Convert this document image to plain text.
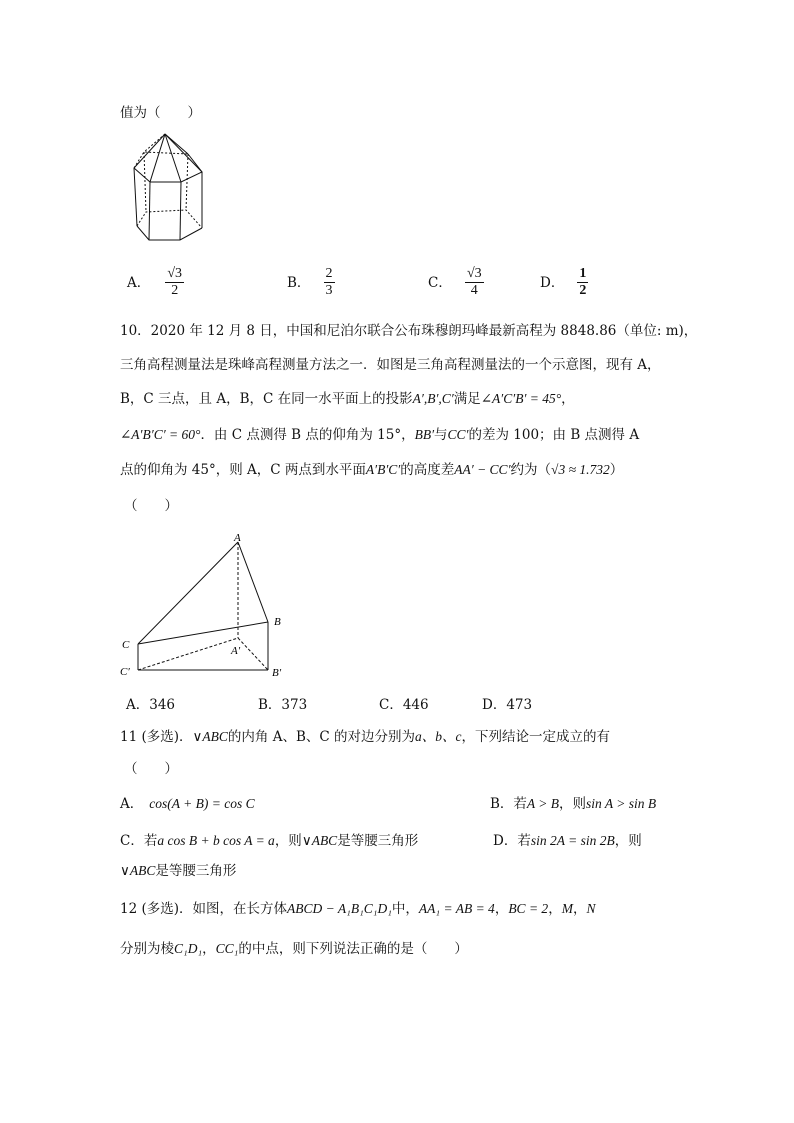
值为（　　）
A． $\frac{√3}{2}$	B． $\frac{2}{3}$	C． $\frac{√3}{4}$	D． $\frac{1}{2}$
10．2020 年 12 月 8 日，中国和尼泊尔联合公布珠穆朗玛峰最新高程为 8848.86（单位: m)，
三角高程测量法是珠峰高程测量方法之一．如图是三角高程测量法的一个示意图，现有 A，
B，C 三点，且 A，B，C 在同一水平面上的投影A′,B′,C′满足∠A′C′B′ = 45°，
∠A′B′C′ = 60°．由 C 点测得 B 点的仰角为 15°，BB′与CC′的差为 100；由 B 点测得 A
点的仰角为 45°，则 A，C 两点到水平面A′B′C′的高度差AA′ − CC′约为（√3 ≈ 1.732）
（　　）
A
B
C	A′
B′
C′
A．346	B．373	C．446	D．473
11 (多选)．∨ABC的内角 A、B、C 的对边分别为a、b、c，下列结论一定成立的有
（　　）
A． cos(A + B) = cos C	B．若A > B，则sin A > sin B
C．若a cos B + b cos A = a，则∨ABC是等腰三角形	D．若sin 2A = sin 2B，则
∨ABC是等腰三角形
12 (多选)．如图，在长方体ABCD − A₁B₁C₁D₁中，AA₁ = AB = 4，BC = 2，M，N
分别为棱C₁D₁，CC₁的中点，则下列说法正确的是（　　）
